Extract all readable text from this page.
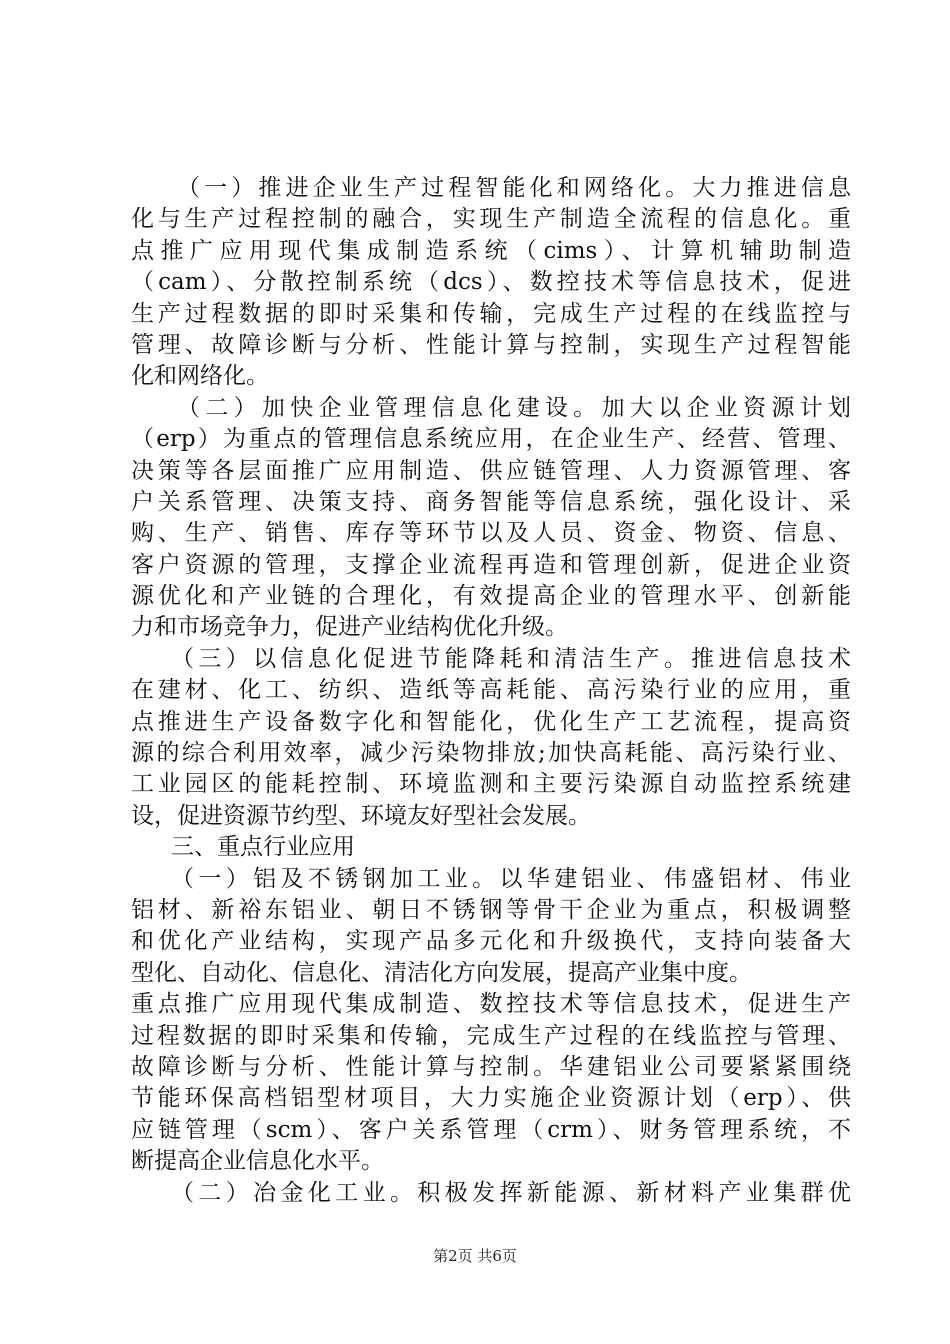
（一）推进企业生产过程智能化和网络化。大力推进信息
化与生产过程控制的融合，实现生产制造全流程的信息化。重
点推广应用现代集成制造系统（cims）、计算机辅助制造
（cam）、分散控制系统（dcs）、数控技术等信息技术，促进
生产过程数据的即时采集和传输，完成生产过程的在线监控与
管理、故障诊断与分析、性能计算与控制，实现生产过程智能
化和网络化。
（二）加快企业管理信息化建设。加大以企业资源计划
（erp）为重点的管理信息系统应用，在企业生产、经营、管理、
决策等各层面推广应用制造、供应链管理、人力资源管理、客
户关系管理、决策支持、商务智能等信息系统，强化设计、采
购、生产、销售、库存等环节以及人员、资金、物资、信息、
客户资源的管理，支撑企业流程再造和管理创新，促进企业资
源优化和产业链的合理化，有效提高企业的管理水平、创新能
力和市场竞争力，促进产业结构优化升级。
（三）以信息化促进节能降耗和清洁生产。推进信息技术
在建材、化工、纺织、造纸等高耗能、高污染行业的应用，重
点推进生产设备数字化和智能化，优化生产工艺流程，提高资
源的综合利用效率，减少污染物排放;加快高耗能、高污染行业、
工业园区的能耗控制、环境监测和主要污染源自动监控系统建
设，促进资源节约型、环境友好型社会发展。
三、重点行业应用
（一）铝及不锈钢加工业。以华建铝业、伟盛铝材、伟业
铝材、新裕东铝业、朝日不锈钢等骨干企业为重点，积极调整
和优化产业结构，实现产品多元化和升级换代，支持向装备大
型化、自动化、信息化、清洁化方向发展，提高产业集中度。
重点推广应用现代集成制造、数控技术等信息技术，促进生产
过程数据的即时采集和传输，完成生产过程的在线监控与管理、
故障诊断与分析、性能计算与控制。华建铝业公司要紧紧围绕
节能环保高档铝型材项目，大力实施企业资源计划（erp）、供
应链管理（scm）、客户关系管理（crm）、财务管理系统，不
断提高企业信息化水平。
（二）冶金化工业。积极发挥新能源、新材料产业集群优
第2页 共6页
